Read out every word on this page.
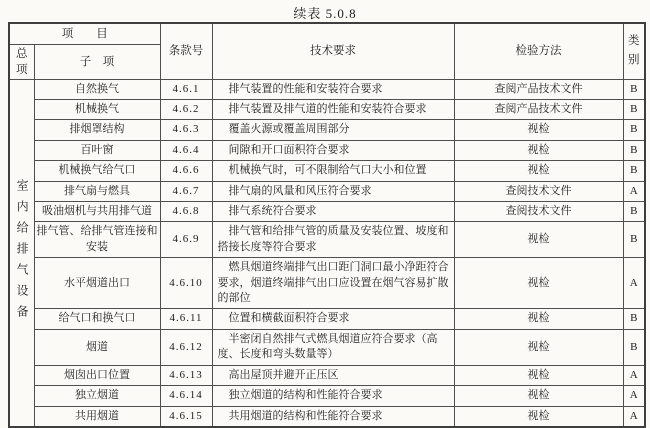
续表 5.0.8
项　　目		条款号	技术要求	检验方法	类别
总项	子　项				

室内给排气设备	自然换气	4.6.1	排气装置的性能和安装符合要求	查阅产品技术文件	B
	机械换气	4.6.2	排气装置及排气道的性能和安装符合要求	查阅产品技术文件	B
	排烟罩结构	4.6.3	覆盖火源或覆盖周围部分	视检	B
	百叶窗	4.6.4	间隙和开口面积符合要求	视检	B
	机械换气给气口	4.6.6	机械换气时，可不限制给气口大小和位置	视检	B
	排气扇与燃具	4.6.7	排气扇的风量和风压符合要求	查阅技术文件	A
	吸油烟机与共用排气道	4.6.8	排气系统符合要求	查阅技术文件	B
	排气管、给排气管连接和安装	4.6.9	排气管和给排气管的质量及安装位置、坡度和搭接长度等符合要求	视检	B
	水平烟道出口	4.6.10	燃具烟道终端排气出口距门洞口最小净距符合要求，烟道终端排气出口应设置在烟气容易扩散的部位	视检	A
	给气口和换气口	4.6.11	位置和横截面积符合要求	视检	B
	烟道	4.6.12	半密闭自然排气式燃具烟道应符合要求（高度、长度和弯头数量等）	视检	B
	烟囱出口位置	4.6.13	高出屋顶并避开正压区	视检	A
	独立烟道	4.6.14	独立烟道的结构和性能符合要求	视检	A
	共用烟道	4.6.15	共用烟道的结构和性能符合要求	视检	A
